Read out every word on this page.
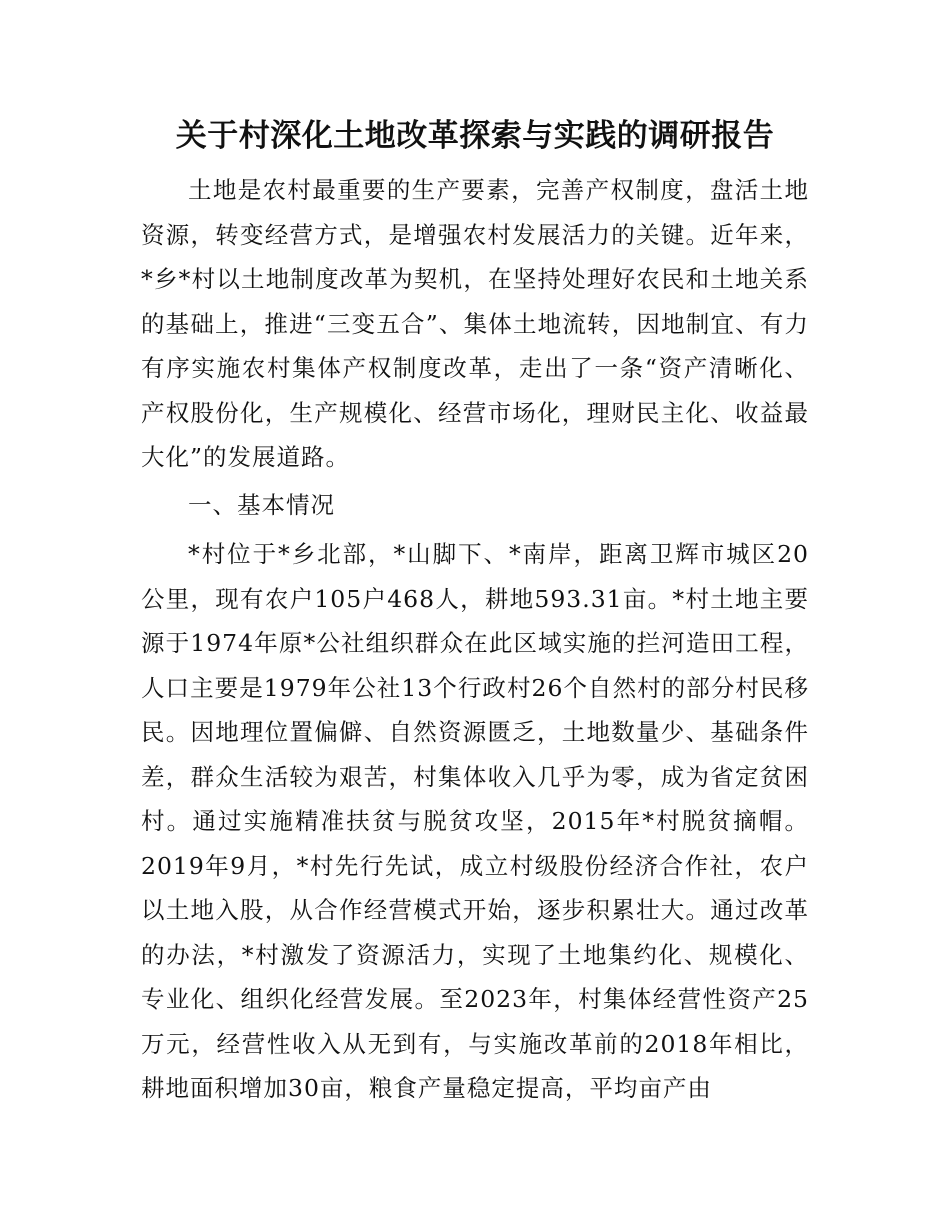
关于村深化土地改革探索与实践的调研报告

土地是农村最重要的生产要素，完善产权制度，盘活土地资源，转变经营方式，是增强农村发展活力的关键。近年来，*乡*村以土地制度改革为契机，在坚持处理好农民和土地关系的基础上，推进“三变五合”、集体土地流转，因地制宜、有力有序实施农村集体产权制度改革，走出了一条“资产清晰化、产权股份化，生产规模化、经营市场化，理财民主化、收益最大化”的发展道路。

一、基本情况

*村位于*乡北部，*山脚下、*南岸，距离卫辉市城区20公里，现有农户105户468人，耕地593.31亩。*村土地主要源于1974年原*公社组织群众在此区域实施的拦河造田工程，人口主要是1979年公社13个行政村26个自然村的部分村民移民。因地理位置偏僻、自然资源匮乏，土地数量少、基础条件差，群众生活较为艰苦，村集体收入几乎为零，成为省定贫困村。通过实施精准扶贫与脱贫攻坚，2015年*村脱贫摘帽。2019年9月，*村先行先试，成立村级股份经济合作社，农户以土地入股，从合作经营模式开始，逐步积累壮大。通过改革的办法，*村激发了资源活力，实现了土地集约化、规模化、专业化、组织化经营发展。至2023年，村集体经营性资产25万元，经营性收入从无到有，与实施改革前的2018年相比，耕地面积增加30亩，粮食产量稳定提高，平均亩产由
